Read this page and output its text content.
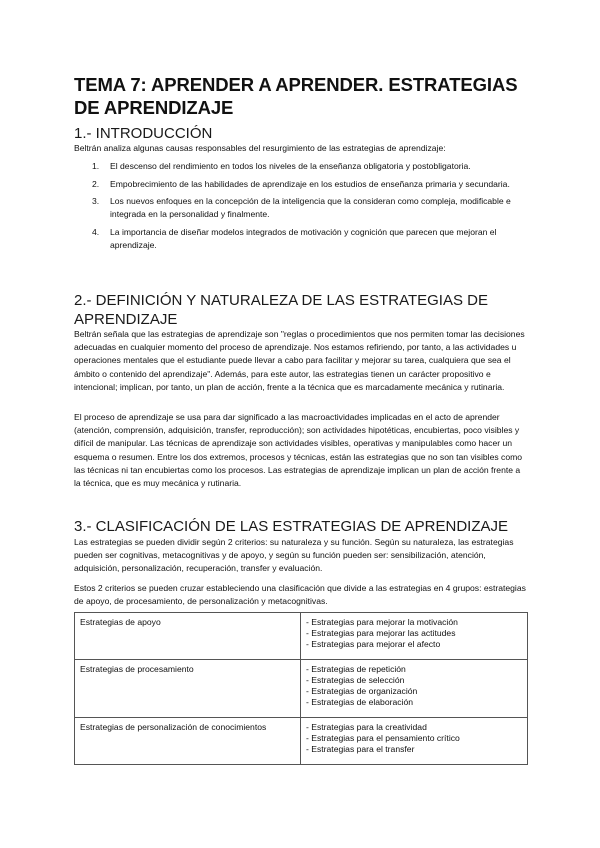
TEMA 7: APRENDER A APRENDER. ESTRATEGIAS DE APRENDIZAJE
1.- INTRODUCCIÓN

Beltrán analiza algunas causas responsables del resurgimiento de las estrategias de aprendizaje:

1. El descenso del rendimiento en todos los niveles de la enseñanza obligatoria y postobligatoria.
2. Empobrecimiento de las habilidades de aprendizaje en los estudios de enseñanza primaria y secundaria.
3. Los nuevos enfoques en la concepción de la inteligencia que la consideran como compleja, modificable e integrada en la personalidad y finalmente.
4. La importancia de diseñar modelos integrados de motivación y cognición que parecen que mejoran el aprendizaje.
2.- DEFINICIÓN Y NATURALEZA DE LAS ESTRATEGIAS DE APRENDIZAJE

Beltrán señala que las estrategias de aprendizaje son "reglas o procedimientos que nos permiten tomar las decisiones adecuadas en cualquier momento del proceso de aprendizaje. Nos estamos refiriendo, por tanto, a las actividades u operaciones mentales que el estudiante puede llevar a cabo para facilitar y mejorar su tarea, cualquiera que sea el ámbito o contenido del aprendizaje". Además, para este autor, las estrategias tienen un carácter propositivo e intencional; implican, por tanto, un plan de acción, frente a la técnica que es marcadamente mecánica y rutinaria.

El proceso de aprendizaje se usa para dar significado a las macroactividades implicadas en el acto de aprender (atención, comprensión, adquisición, transfer, reproducción); son actividades hipotéticas, encubiertas, poco visibles y difícil de manipular. Las técnicas de aprendizaje son actividades visibles, operativas y manipulables como hacer un esquema o resumen. Entre los dos extremos, procesos y técnicas, están las estrategias que no son tan visibles como las técnicas ni tan encubiertas como los procesos. Las estrategias de aprendizaje implican un plan de acción frente a la técnica, que es muy mecánica y rutinaria.

3.- CLASIFICACIÓN DE LAS ESTRATEGIAS DE APRENDIZAJE

Las estrategias se pueden dividir según 2 criterios: su naturaleza y su función. Según su naturaleza, las estrategias pueden ser cognitivas, metacognitivas y de apoyo, y según su función pueden ser: sensibilización, atención, adquisición, personalización, recuperación, transfer y evaluación.

Estos 2 criterios se pueden cruzar estableciendo una clasificación que divide a las estrategias en 4 grupos: estrategias de apoyo, de procesamiento, de personalización y metacognitivas.

Estrategias de apoyo	- Estrategias para mejorar la motivación
- Estrategias para mejorar las actitudes
- Estrategias para mejorar el afecto

Estrategias de procesamiento	- Estrategias de repetición
- Estrategias de selección
- Estrategias de organización
- Estrategias de elaboración

Estrategias de personalización de conocimientos	- Estrategias para la creatividad
- Estrategias para el pensamiento crítico
- Estrategias para el transfer
